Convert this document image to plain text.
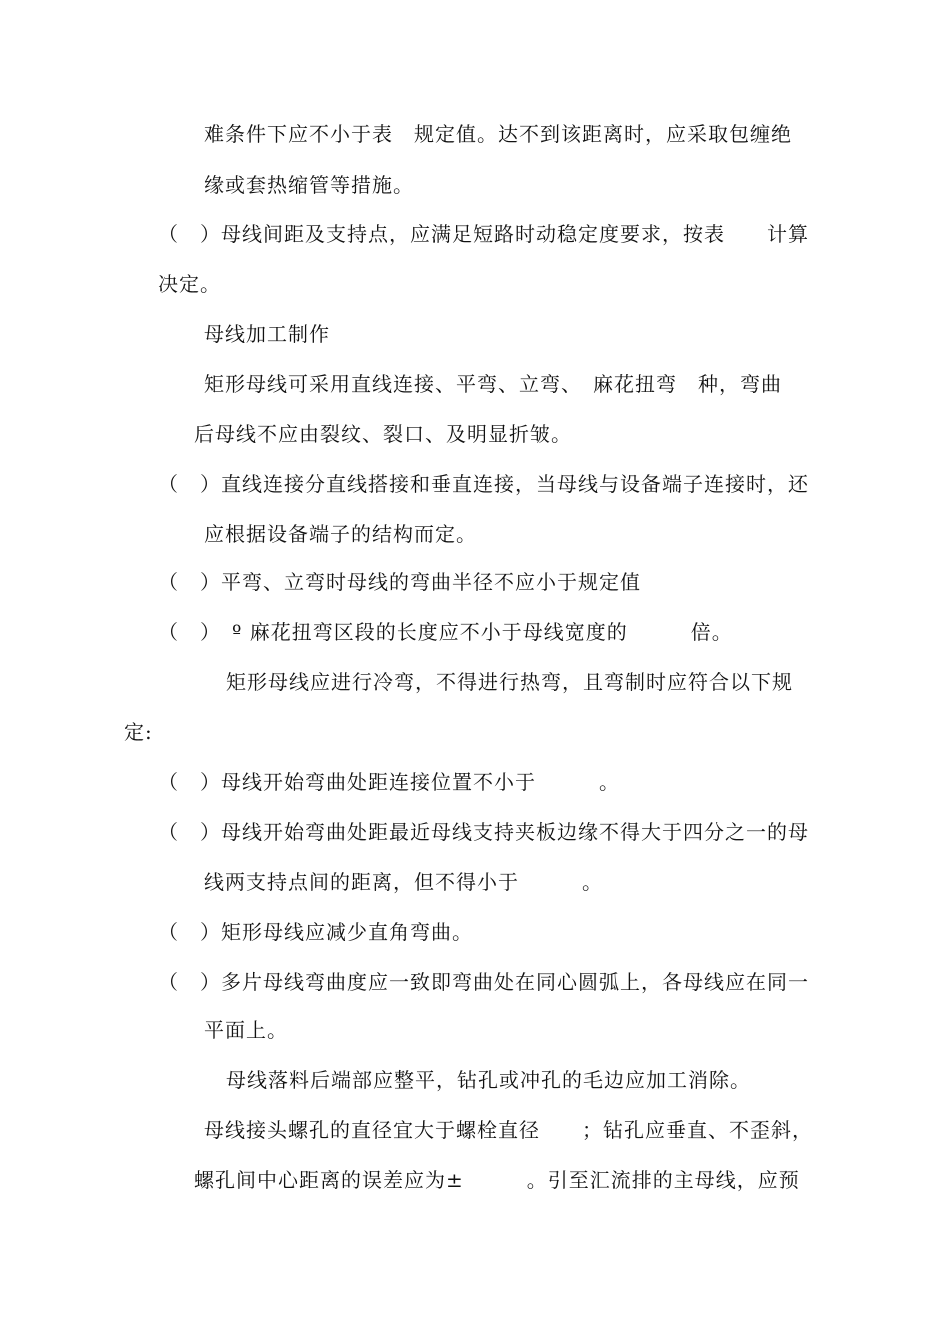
难条件下应不小于表　规定值。达不到该距离时，应采取包缠绝
缘或套热缩管等措施。
（　）母线间距及支持点，应满足短路时动稳定度要求，按表　　计算
决定。
母线加工制作
矩形母线可采用直线连接、平弯、立弯、　麻花扭弯　种，弯曲
后母线不应由裂纹、裂口、及明显折皱。
（　）直线连接分直线搭接和垂直连接，当母线与设备端子连接时，还
应根据设备端子的结构而定。
（　）平弯、立弯时母线的弯曲半径不应小于规定值
（　）　º 麻花扭弯区段的长度应不小于母线宽度的　　　倍。
矩形母线应进行冷弯，不得进行热弯，且弯制时应符合以下规
定:
（　）母线开始弯曲处距连接位置不小于　　　。
（　）母线开始弯曲处距最近母线支持夹板边缘不得大于四分之一的母
线两支持点间的距离，但不得小于　　　。
（　）矩形母线应减少直角弯曲。
（　）多片母线弯曲度应一致即弯曲处在同心圆弧上，各母线应在同一
平面上。
母线落料后端部应整平，钻孔或冲孔的毛边应加工消除。
母线接头螺孔的直径宜大于螺栓直径　　；钻孔应垂直、不歪斜，
螺孔间中心距离的误差应为±　　　。引至汇流排的主母线，应预
